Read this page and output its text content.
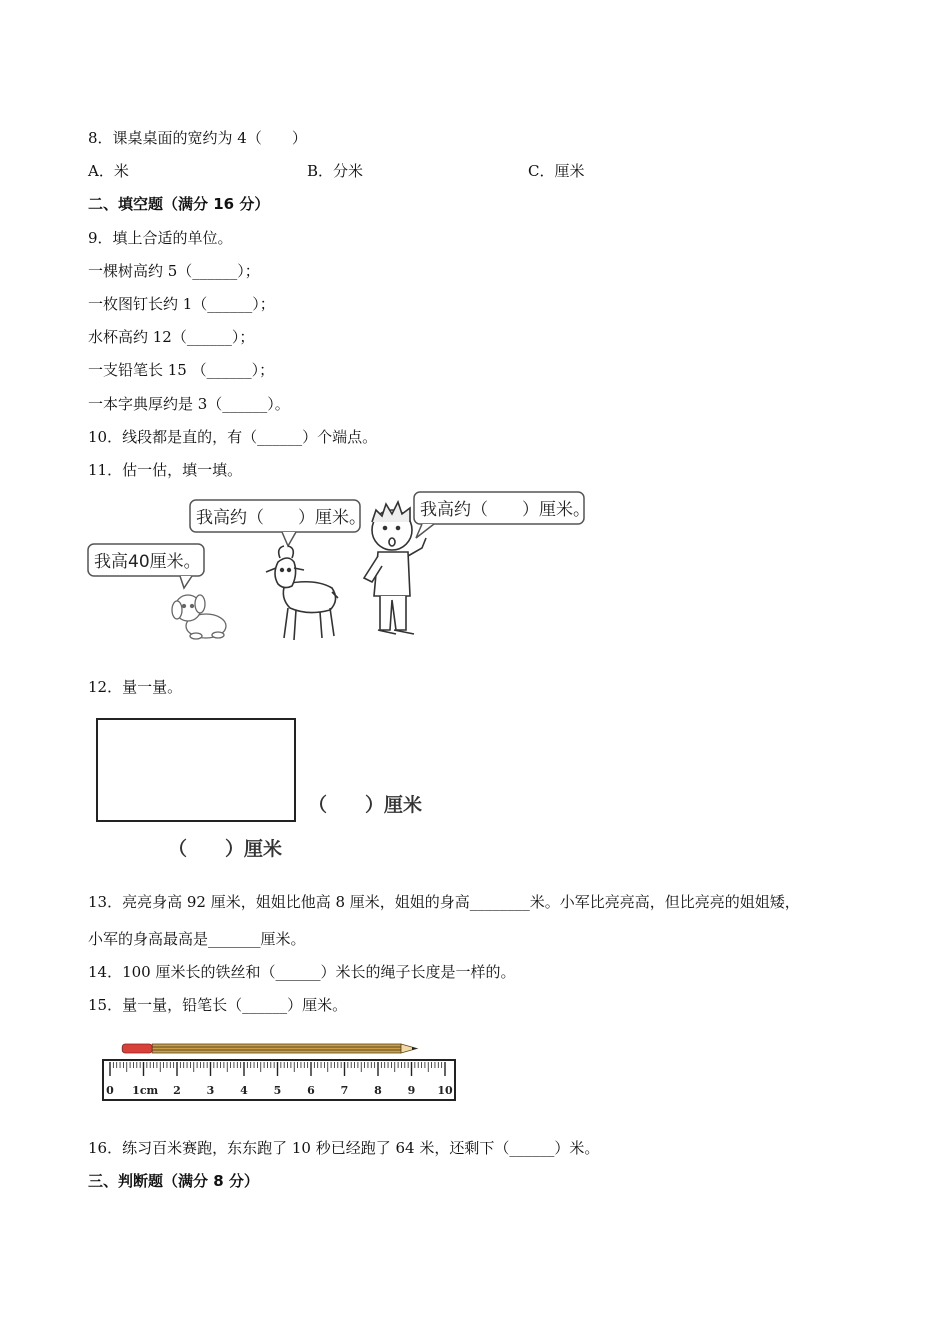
8．课桌桌面的宽约为 4（　　）
A．米	B．分米	C．厘米
二、填空题（满分 16 分）
9．填上合适的单位。
一棵树高约 5（______）；
一枚图钉长约 1（______）；
水杯高约 12（______）；
一支铅笔长 15 （______）；
一本字典厚约是 3（______）。
10．线段都是直的，有（______）个端点。
11．估一估，填一填。
我高40厘米。
我高约（　　）厘米。	我高约（　　）厘米。
12．量一量。
（　　）厘米
（　　）厘米
13．亮亮身高 92 厘米，姐姐比他高 8 厘米，姐姐的身高________米。小军比亮亮高，但比亮亮的姐姐矮，
小军的身高最高是_______厘米。
14．100 厘米长的铁丝和（______）米长的绳子长度是一样的。
15．量一量，铅笔长（______）厘米。
0	2 3 4 5 6 7 8 9 10
1cm
16．练习百米赛跑，东东跑了 10 秒已经跑了 64 米，还剩下（______）米。
三、判断题（满分 8 分）
